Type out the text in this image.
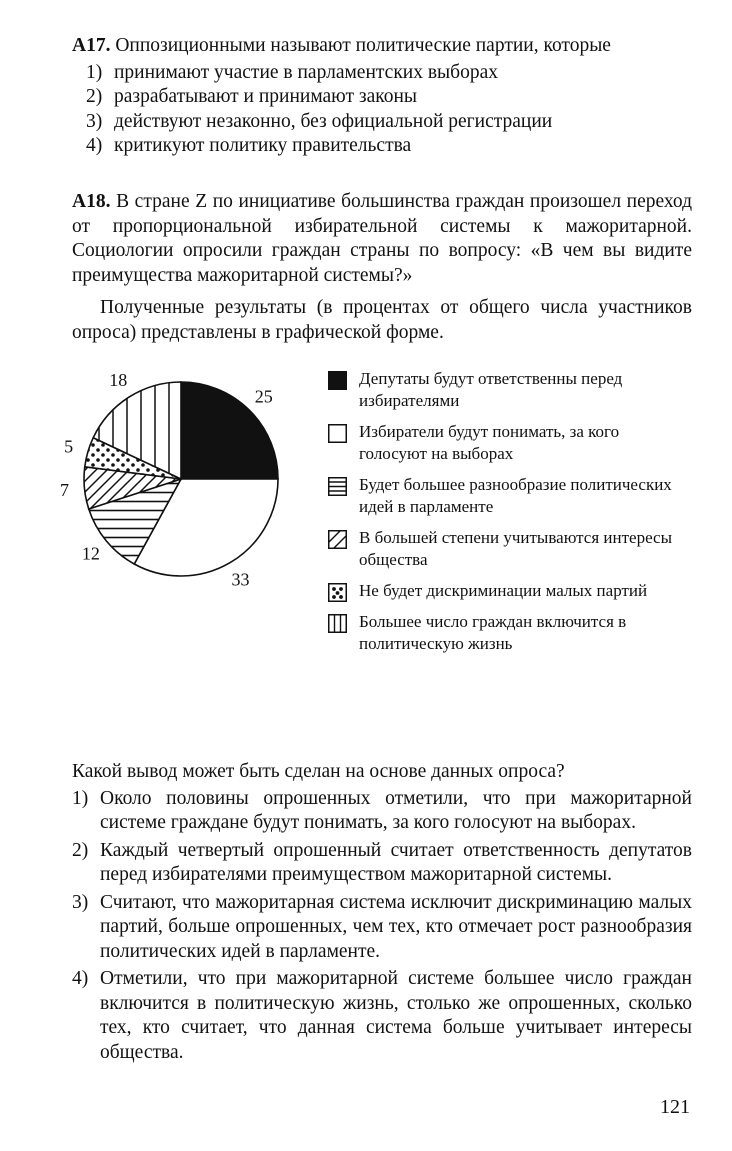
А17. Оппозиционными называют политические партии, которые
1) принимают участие в парламентских выборах
2) разрабатывают и принимают законы
3) действуют незаконно, без официальной регистрации
4) критикуют политику правительства
А18. В стране Z по инициативе большинства граждан произошел переход от пропорциональной избирательной системы к мажоритарной. Социологии опросили граждан страны по вопросу: «В чем вы видите преимущества мажоритарной системы?»
Полученные результаты (в процентах от общего числа участников опроса) представлены в графической форме.
25
33
12
7
5
18	Депутаты будут ответственны перед избирателями
Избиратели будут понимать, за кого голосуют на выборах
Будет большее разнообразие политических идей в парламенте
В большей степени учитываются интересы общества
Не будет дискриминации малых партий
Большее число граждан включится в политическую жизнь
Какой вывод может быть сделан на основе данных опроса?
1) Около половины опрошенных отметили, что при мажоритарной системе граждане будут понимать, за кого голосуют на выборах.
2) Каждый четвертый опрошенный считает ответственность депутатов перед избирателями преимуществом мажоритарной системы.
3) Считают, что мажоритарная система исключит дискриминацию малых партий, больше опрошенных, чем тех, кто отмечает рост разнообразия политических идей в парламенте.
4) Отметили, что при мажоритарной системе большее число граждан включится в политическую жизнь, столько же опрошенных, сколько тех, кто считает, что данная система больше учитывает интересы общества.
121
